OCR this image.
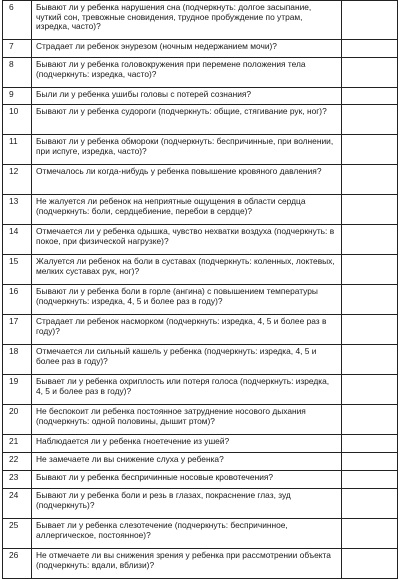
6	Бывают ли у ребенка нарушения сна (подчеркнуть: долгое засыпание, чуткий сон, тревожные сновидения, трудное пробуждение по утрам, изредка, часто)?	
7	Страдает ли ребенок энурезом (ночным недержанием мочи)?	
8	Бывают ли у ребенка головокружения при перемене положения тела (подчеркнуть: изредка, часто)?	
9	Были ли у ребенка ушибы головы с потерей сознания?	
10	Бывают ли у ребенка судороги (подчеркнуть: общие, стягивание рук, ног)?	
11	Бывают ли у ребенка обмороки (подчеркнуть: беспричинные, при волнении, при испуге, изредка, часто)?	
12	Отмечалось ли когда-нибудь у ребенка повышение кровяного давления?	
13	Не жалуется ли ребенок на неприятные ощущения в области сердца (подчеркнуть: боли, сердцебиение, перебои в сердце)?	
14	Отмечается ли у ребенка одышка, чувство нехватки воздуха (подчеркнуть: в покое, при физической нагрузке)?	
15	Жалуется ли ребенок на боли в суставах (подчеркнуть: коленных, локтевых, мелких суставах рук, ног)?	
16	Бывают ли у ребенка боли в горле (ангина) с повышением температуры (подчеркнуть: изредка, 4, 5 и более раз в году)?	
17	Страдает ли ребенок насморком (подчеркнуть: изредка, 4, 5 и более раз в году)?	
18	Отмечается ли сильный кашель у ребенка (подчеркнуть: изредка, 4, 5 и более раз в году)?	
19	Бывает ли у ребенка охриплость или потеря голоса (подчеркнуть: изредка, 4, 5 и более раз в году)?	
20	Не беспокоит ли ребенка постоянное затруднение носового дыхания (подчеркнуть: одной половины, дышит ртом)?	
21	Наблюдается ли у ребенка гноетечение из ушей?	
22	Не замечаете ли вы снижение слуха у ребенка?	
23	Бывают ли у ребенка беспричинные носовые кровотечения?	
24	Бывают ли у ребенка боли и резь в глазах, покраснение глаз, зуд (подчеркнуть)?	
25	Бывает ли у ребенка слезотечение (подчеркнуть: беспричинное, аллергическое, постоянное)?	
26	Не отмечаете ли вы снижения зрения у ребенка при рассмотрении объекта (подчеркнуть: вдали, вблизи)?	
